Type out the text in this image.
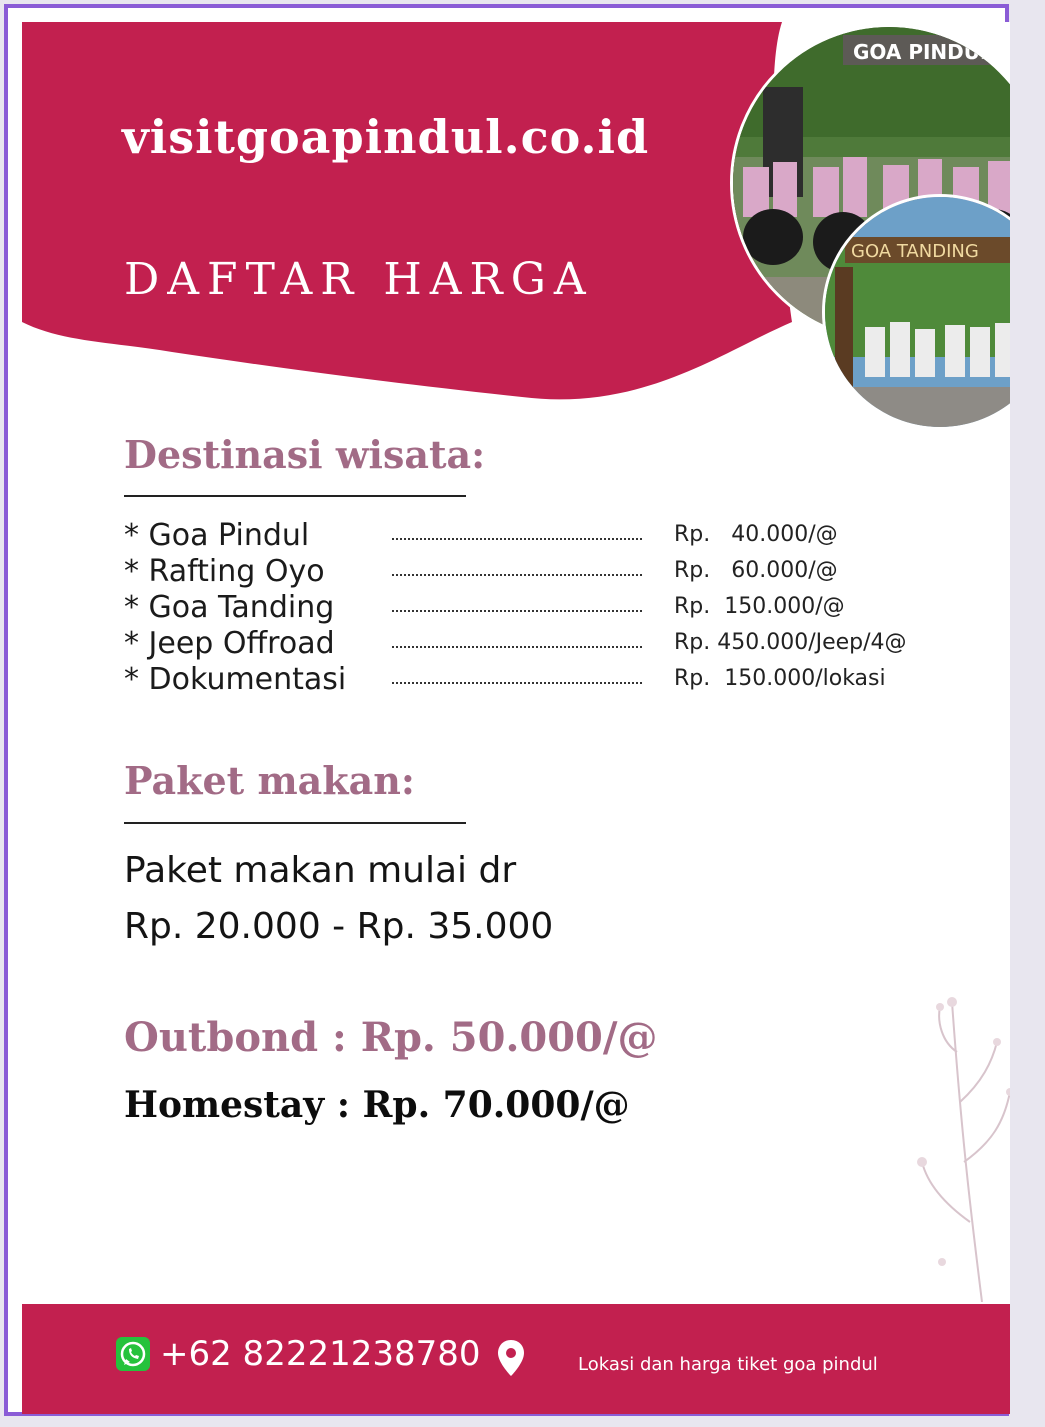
visitgoapindul.co.id
DAFTAR HARGA
GOA PINDUL
GOA TANDING
Destinasi wisata:
* Goa Pindul	Rp.   40.000/@
* Rafting Oyo	Rp.   60.000/@
* Goa Tanding	Rp.  150.000/@
* Jeep Offroad	Rp. 450.000/Jeep/4@
* Dokumentasi	Rp.  150.000/lokasi
Paket makan:
Paket makan mulai dr
Rp. 20.000 - Rp. 35.000
Outbond : Rp. 50.000/@
Homestay : Rp. 70.000/@
+62 82221238780	Lokasi dan harga tiket goa pindul
